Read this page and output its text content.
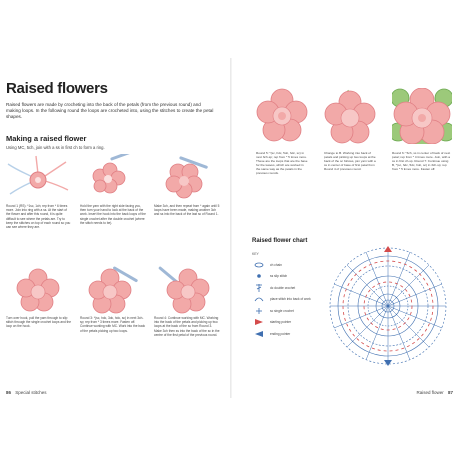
Raised flowers
Raised flowers are made by crocheting into the back of the petals (from the previous round) and making loops. In the following round the loops are crocheted into, using the stitches to create the petal shapes.
Making a raised flower
Using MC, 5ch, join with a ss in first ch to form a ring.
Round 1 (RS): *1sc, 1ch; rep from * 6 times more. Join into ring with a ss. At the start of the flower and after this round, it is quite difficult to see where the petals are. Try to keep the stitches on top of each round so you can see where they are.
Hold the yarn with the right side facing you, then turn your hand to look at the back of the work. Insert the hook into the back loops of the single crochet after the double crochet (where the stitch needs to be).
Make 3ch, and then repeat from * again until 5 loops have been made, making another 3ch and ss into the back of the last sc of Round 1.
Turn over hook, pull the yarn through to slip stitch through the single crochet loops and the loop on the hook.
Round 3: *(sc, hdc, 3dc, hdc, sc) in next 3ch-sp; rep from * 3 times more. Fasten off. Continue working with MC. Work into the back of the petals picking up two loops.
Round 4: Continue working with MC. Working into the back of the petals and picking up two loops at the back of the sc from Round 3. Make 3ch then ss into the back of the sc in the centre of the first petal of the previous round.
86 Special stitches
Round 5: *(sc, hdc, 5dc, hdc, sc) in next 3ch-sp; rep from * 5 times more. These are the loops that are the base for the leaves, which are worked in the same way as the petals in the previous rounds.
Change to B. Working into back of petals and picking up two loops at the back of the sc follows, join yarn with a ss in center of base of first petal from Round 4 of previous round.
Round 6: *3ch, ss in center of back of next petal; rep from * 4 times more. Join, with a ss in first ch-sp. Round 7: Continue using B, *(sc, hdc, 5dc, hdc, sc) in 3ch-sp; rep from * 5 times more. Fasten off.
Raised flower chart
KEY
ch chain
ss slip stitch
dc double crochet
place stitch into back of work
sc single crochet
starting pointer
ending pointer
Raised flower 87
